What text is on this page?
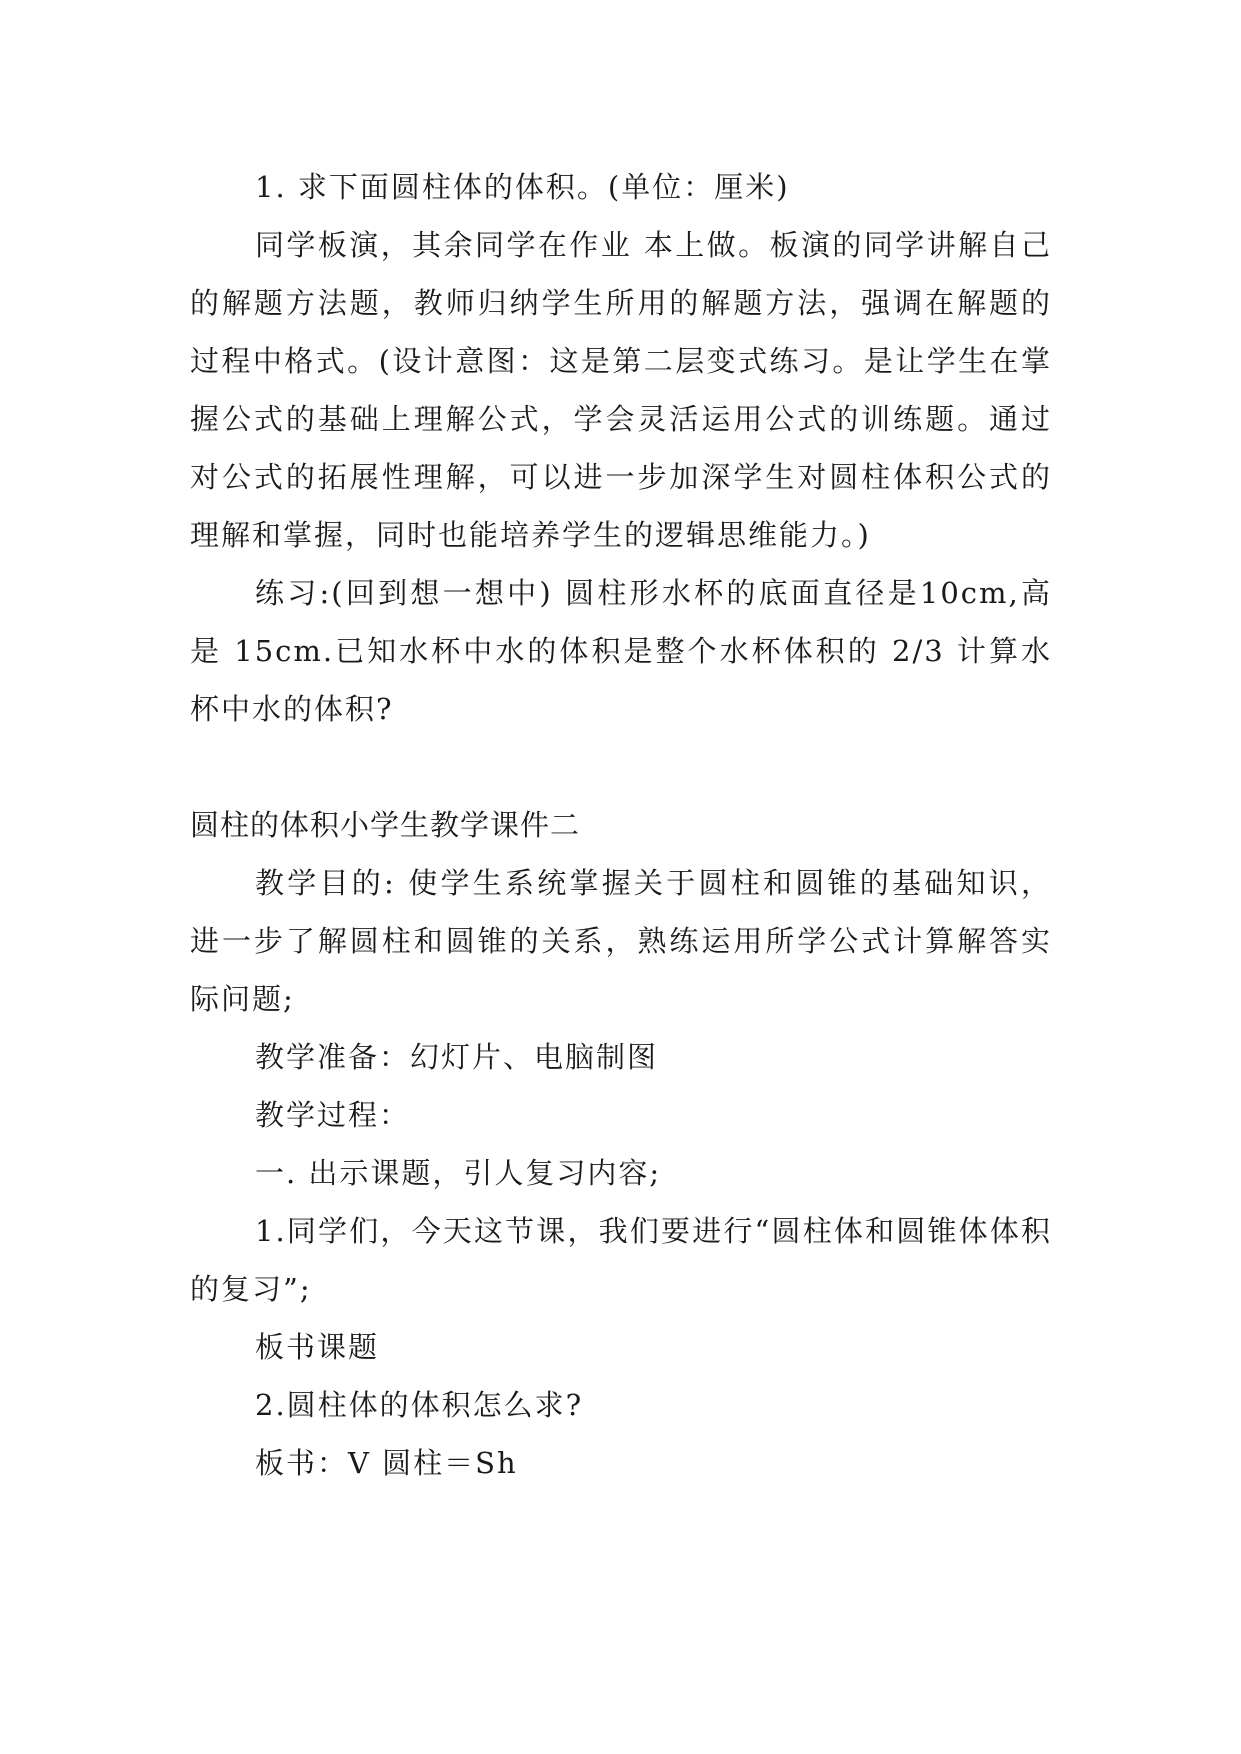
1. 求下面圆柱体的体积。(单位：厘米)

同学板演，其余同学在作业 本上做。板演的同学讲解自己的解题方法题，教师归纳学生所用的解题方法，强调在解题的过程中格式。(设计意图：这是第二层变式练习。是让学生在掌握公式的基础上理解公式，学会灵活运用公式的训练题。通过对公式的拓展性理解，可以进一步加深学生对圆柱体积公式的理解和掌握，同时也能培养学生的逻辑思维能力。)

练习:(回到想一想中) 圆柱形水杯的底面直径是10cm,高是 15cm.已知水杯中水的体积是整个水杯体积的 2/3 计算水杯中水的体积?

圆柱的体积小学生教学课件二

教学目的: 使学生系统掌握关于圆柱和圆锥的基础知识，进一步了解圆柱和圆锥的关系，熟练运用所学公式计算解答实际问题;

教学准备：幻灯片、电脑制图

教学过程：

一. 出示课题，引人复习内容;

1.同学们，今天这节课，我们要进行“圆柱体和圆锥体体积的复习”;

板书课题

2.圆柱体的体积怎么求?

板书：V 圆柱＝Sh
